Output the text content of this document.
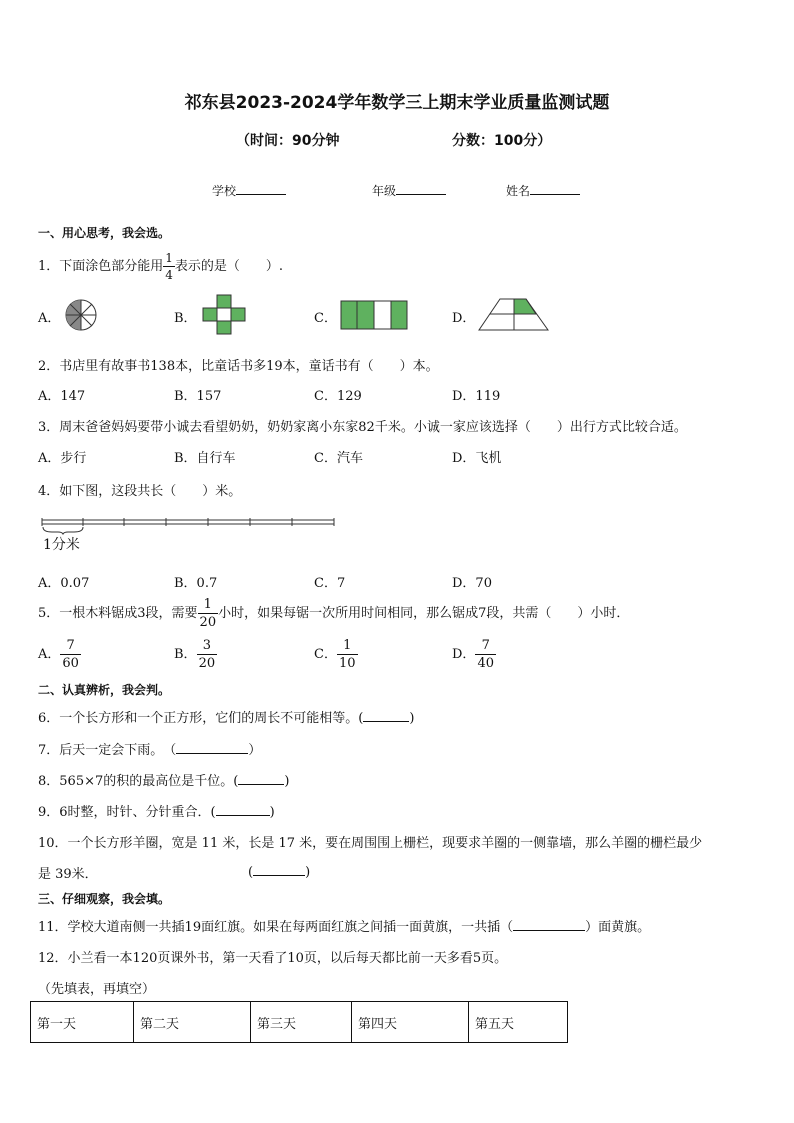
祁东县2023-2024学年数学三上期末学业质量监测试题
（时间：90分钟	分数：100分）
学校	年级	姓名
一、用心思考，我会选。
1．下面涂色部分能用 $\frac{1}{4}$ 表示的是（　　）.
A．	B．	C．	D．
2．书店里有故事书138本，比童话书多19本，童话书有（　　）本。
A．147	B．157	C．129	D．119
3．周末爸爸妈妈要带小诚去看望奶奶，奶奶家离小东家82千米。小诚一家应该选择（　　）出行方式比较合适。
A．步行	B．自行车	C．汽车	D．飞机
4．如下图，这段共长（　　）米。
1分米
A．0.07	B．0.7	C．7	D．70
5．一根木料锯成3段，需要 $\frac{1}{20}$ 小时，如果每锯一次所用时间相同，那么锯成7段，共需（　　）小时．
A． $\frac{7}{60}$	B． $\frac{3}{20}$	C． $\frac{1}{10}$	D． $\frac{7}{40}$
二、认真辨析，我会判。
6．一个长方形和一个正方形，它们的周长不可能相等。(	)
7．后天一定会下雨。　（	）
8．565×7的积的最高位是千位。(	)
9．6时整，时针、分针重合．(	)
10．一个长方形羊圈，宽是 11 米，长是 17 米，要在周围围上栅栏，现要求羊圈的一侧靠墙，那么羊圈的栅栏最少
是 39米．	(	)
三、仔细观察，我会填。
11．学校大道南侧一共插19面红旗。如果在每两面红旗之间插一面黄旗，一共插（	）面黄旗。
12．小兰看一本120页课外书，第一天看了10页，以后每天都比前一天多看5页。
（先填表，再填空）
第一天	第二天	第三天	第四天	第五天
